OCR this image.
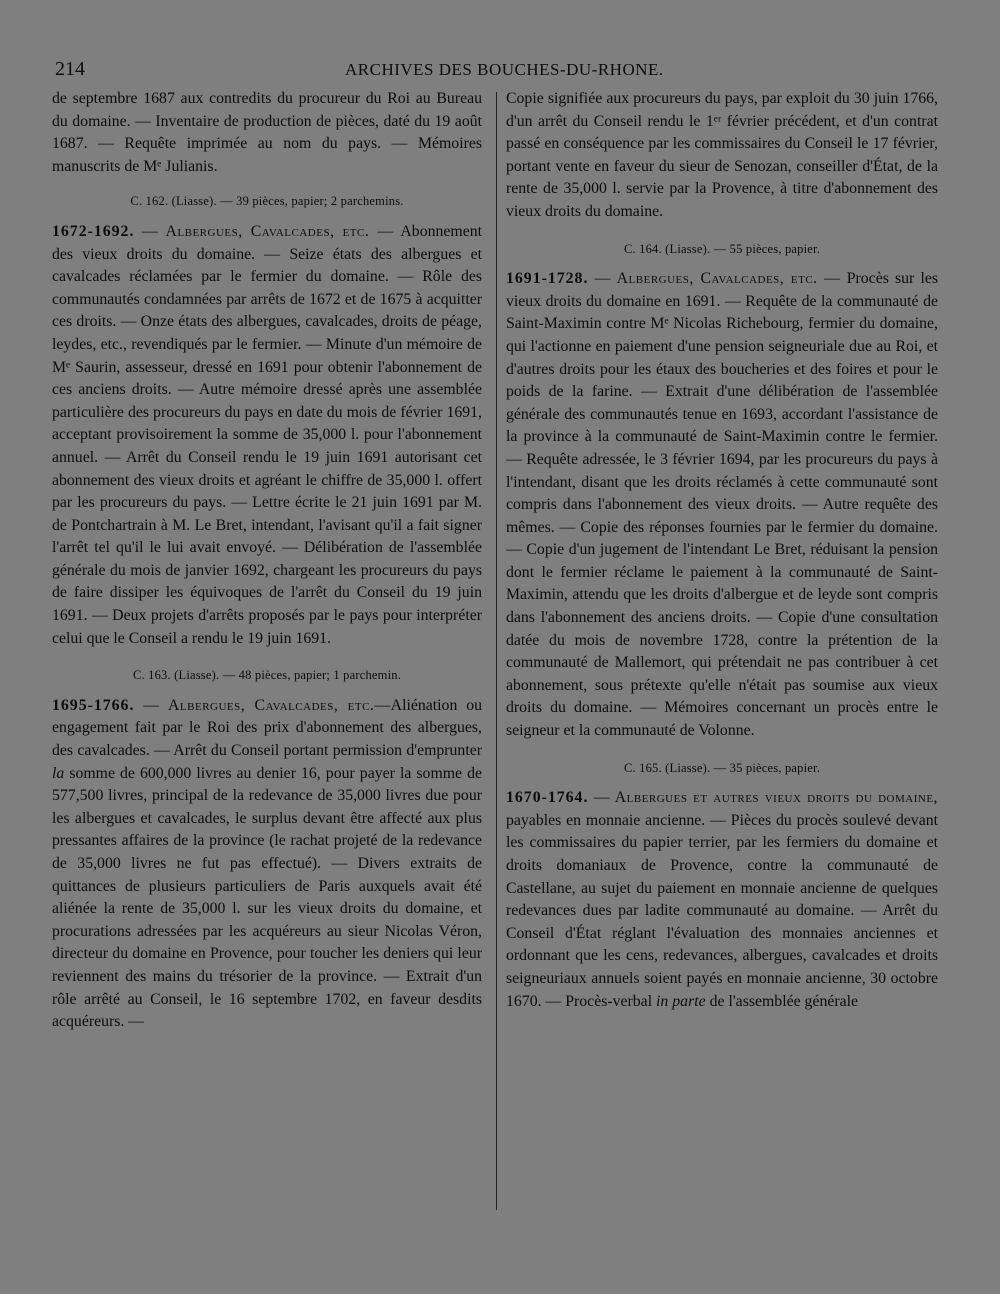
214	ARCHIVES DES BOUCHES-DU-RHONE.

de septembre 1687 aux contredits du procureur du Roi au Bureau du domaine. — Inventaire de production de pièces, daté du 19 août 1687. — Requête imprimée au nom du pays. — Mémoires manuscrits de Mᵉ Julianis.

C. 162. (Liasse). — 39 pièces, papier; 2 parchemins.

1672-1692. — Albergues, Cavalcades, etc. — Abonnement des vieux droits du domaine. — Seize états des albergues et cavalcades réclamées par le fermier du domaine. — Rôle des communautés condamnées par arrêts de 1672 et de 1675 à acquitter ces droits. — Onze états des albergues, cavalcades, droits de péage, leydes, etc., revendiqués par le fermier. — Minute d'un mémoire de Mᵉ Saurin, assesseur, dressé en 1691 pour obtenir l'abonnement de ces anciens droits. — Autre mémoire dressé après une assemblée particulière des procureurs du pays en date du mois de février 1691, acceptant provisoirement la somme de 35,000 l. pour l'abonnement annuel. — Arrêt du Conseil rendu le 19 juin 1691 autorisant cet abonnement des vieux droits et agréant le chiffre de 35,000 l. offert par les procureurs du pays. — Lettre écrite le 21 juin 1691 par M. de Pontchartrain à M. Le Bret, intendant, l'avisant qu'il a fait signer l'arrêt tel qu'il le lui avait envoyé. — Délibération de l'assemblée générale du mois de janvier 1692, chargeant les procureurs du pays de faire dissiper les équivoques de l'arrêt du Conseil du 19 juin 1691. — Deux projets d'arrêts proposés par le pays pour interpréter celui que le Conseil a rendu le 19 juin 1691.

C. 163. (Liasse). — 48 pièces, papier; 1 parchemin.

1695-1766. — Albergues, Cavalcades, etc.—Aliénation ou engagement fait par le Roi des prix d'abonnement des albergues, des cavalcades. — Arrêt du Conseil portant permission d'emprunter la somme de 600,000 livres au denier 16, pour payer la somme de 577,500 livres, principal de la redevance de 35,000 livres due pour les albergues et cavalcades, le surplus devant être affecté aux plus pressantes affaires de la province (le rachat projeté de la redevance de 35,000 livres ne fut pas effectué). — Divers extraits de quittances de plusieurs particuliers de Paris auxquels avait été aliénée la rente de 35,000 l. sur les vieux droits du domaine, et procurations adressées par les acquéreurs au sieur Nicolas Véron, directeur du domaine en Provence, pour toucher les deniers qui leur reviennent des mains du trésorier de la province. — Extrait d'un rôle arrêté au Conseil, le 16 septembre 1702, en faveur desdits acquéreurs. —

Copie signifiée aux procureurs du pays, par exploit du 30 juin 1766, d'un arrêt du Conseil rendu le 1ᵉʳ février précédent, et d'un contrat passé en conséquence par les commissaires du Conseil le 17 février, portant vente en faveur du sieur de Senozan, conseiller d'État, de la rente de 35,000 l. servie par la Provence, à titre d'abonnement des vieux droits du domaine.

C. 164. (Liasse). — 55 pièces, papier.

1691-1728. — Albergues, Cavalcades, etc. — Procès sur les vieux droits du domaine en 1691. — Requête de la communauté de Saint-Maximin contre Mᵉ Nicolas Richebourg, fermier du domaine, qui l'actionne en paiement d'une pension seigneuriale due au Roi, et d'autres droits pour les étaux des boucheries et des foires et pour le poids de la farine. — Extrait d'une délibération de l'assemblée générale des communautés tenue en 1693, accordant l'assistance de la province à la communauté de Saint-Maximin contre le fermier. — Requête adressée, le 3 février 1694, par les procureurs du pays à l'intendant, disant que les droits réclamés à cette communauté sont compris dans l'abonnement des vieux droits. — Autre requête des mêmes. — Copie des réponses fournies par le fermier du domaine. — Copie d'un jugement de l'intendant Le Bret, réduisant la pension dont le fermier réclame le paiement à la communauté de Saint-Maximin, attendu que les droits d'albergue et de leyde sont compris dans l'abonnement des anciens droits. — Copie d'une consultation datée du mois de novembre 1728, contre la prétention de la communauté de Mallemort, qui prétendait ne pas contribuer à cet abonnement, sous prétexte qu'elle n'était pas soumise aux vieux droits du domaine. — Mémoires concernant un procès entre le seigneur et la communauté de Volonne.

C. 165. (Liasse). — 35 pièces, papier.

1670-1764. — Albergues et autres vieux droits du domaine, payables en monnaie ancienne. — Pièces du procès soulevé devant les commissaires du papier terrier, par les fermiers du domaine et droits domaniaux de Provence, contre la communauté de Castellane, au sujet du paiement en monnaie ancienne de quelques redevances dues par ladite communauté au domaine. — Arrêt du Conseil d'État réglant l'évaluation des monnaies anciennes et ordonnant que les cens, redevances, albergues, cavalcades et droits seigneuriaux annuels soient payés en monnaie ancienne, 30 octobre 1670. — Procès-verbal in parte de l'assemblée générale
